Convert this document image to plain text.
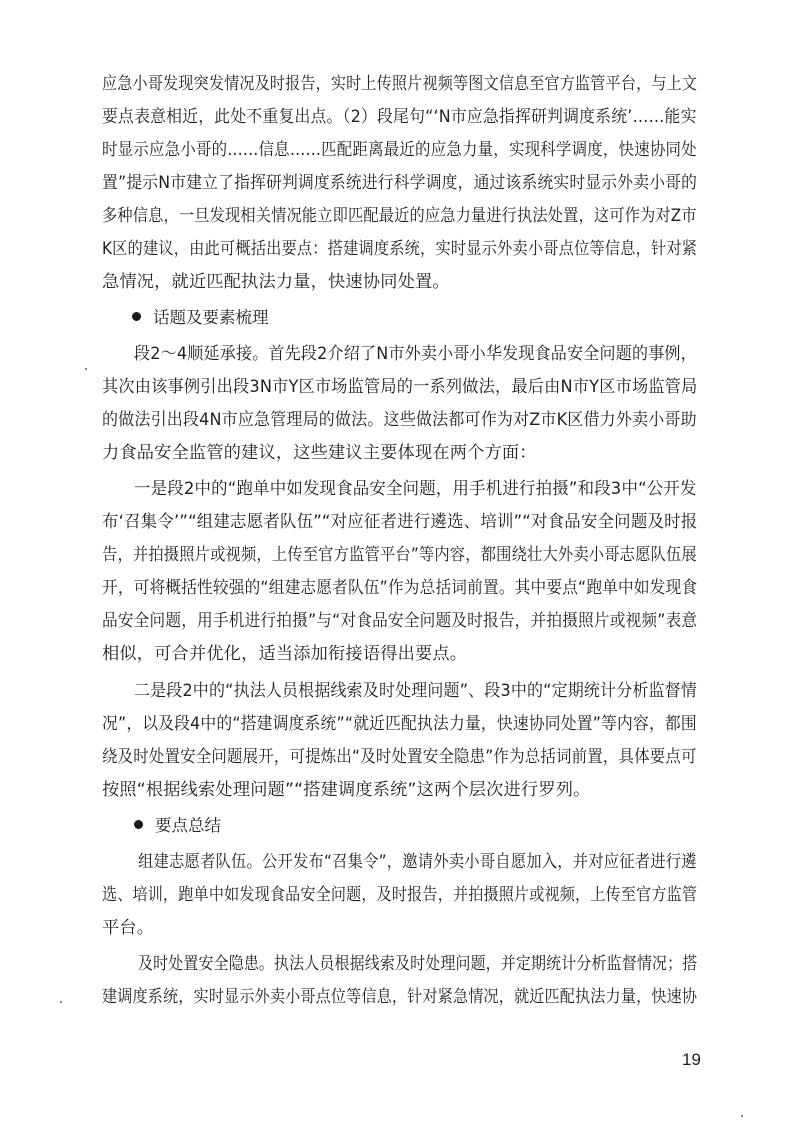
应急小哥发现突发情况及时报告，实时上传照片视频等图文信息至官方监管平台，与上文
要点表意相近，此处不重复出点。（2）段尾句“‘N市应急指挥研判调度系统’……能实
时显示应急小哥的……信息……匹配距离最近的应急力量，实现科学调度，快速协同处
置”提示N市建立了指挥研判调度系统进行科学调度，通过该系统实时显示外卖小哥的
多种信息，一旦发现相关情况能立即匹配最近的应急力量进行执法处置，这可作为对Z市
K区的建议，由此可概括出要点：搭建调度系统，实时显示外卖小哥点位等信息，针对紧
急情况，就近匹配执法力量，快速协同处置。
话题及要素梳理
段2～4顺延承接。首先段2介绍了N市外卖小哥小华发现食品安全问题的事例，
其次由该事例引出段3N市Y区市场监管局的一系列做法，最后由N市Y区市场监管局
的做法引出段4N市应急管理局的做法。这些做法都可作为对Z市K区借力外卖小哥助
力食品安全监管的建议，这些建议主要体现在两个方面：
一是段2中的“跑单中如发现食品安全问题，用手机进行拍摄”和段3中“公开发
布‘召集令’”“组建志愿者队伍”“对应征者进行遴选、培训”“对食品安全问题及时报
告，并拍摄照片或视频，上传至官方监管平台”等内容，都围绕壮大外卖小哥志愿队伍展
开，可将概括性较强的“组建志愿者队伍”作为总括词前置。其中要点“跑单中如发现食
品安全问题，用手机进行拍摄”与“对食品安全问题及时报告，并拍摄照片或视频”表意
相似，可合并优化，适当添加衔接语得出要点。
二是段2中的“执法人员根据线索及时处理问题”、段3中的“定期统计分析监督情
况”，以及段4中的“搭建调度系统”“就近匹配执法力量，快速协同处置”等内容，都围
绕及时处置安全问题展开，可提炼出“及时处置安全隐患”作为总括词前置，具体要点可
按照“根据线索处理问题”“搭建调度系统”这两个层次进行罗列。
要点总结
组建志愿者队伍。公开发布“召集令”，邀请外卖小哥自愿加入，并对应征者进行遴
选、培训，跑单中如发现食品安全问题，及时报告，并拍摄照片或视频，上传至官方监管
平台。
及时处置安全隐患。执法人员根据线索及时处理问题，并定期统计分析监督情况；搭
建调度系统，实时显示外卖小哥点位等信息，针对紧急情况，就近匹配执法力量，快速协
19
